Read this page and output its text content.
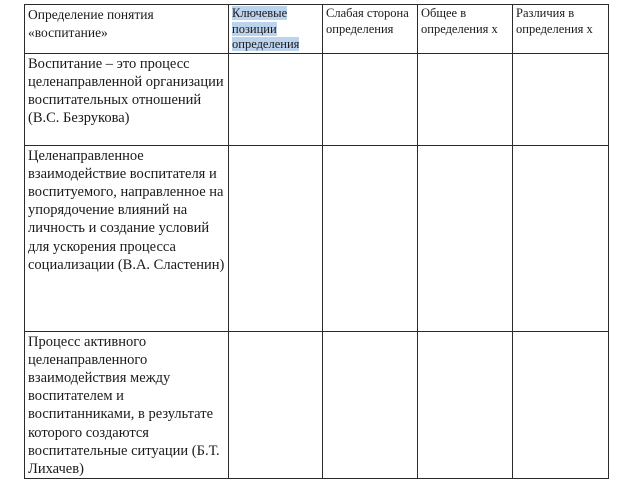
Определение понятия «воспитание»	Ключевые
позиции
определения	Слабая сторона определения	Общее в определения х	Различия в определения х
Воспитание – это процесс целенаправленной организации воспитательных отношений (В.С. Безрукова)				
Целенаправленное взаимодействие воспитателя и воспитуемого, направленное на упорядочение влияний на личность и создание условий для ускорения процесса социализации (В.А. Сластенин)				
Процесс активного целенаправленного взаимодействия между воспитателем и воспитанниками, в результате которого создаются воспитательные ситуации (Б.Т. Лихачев)				
